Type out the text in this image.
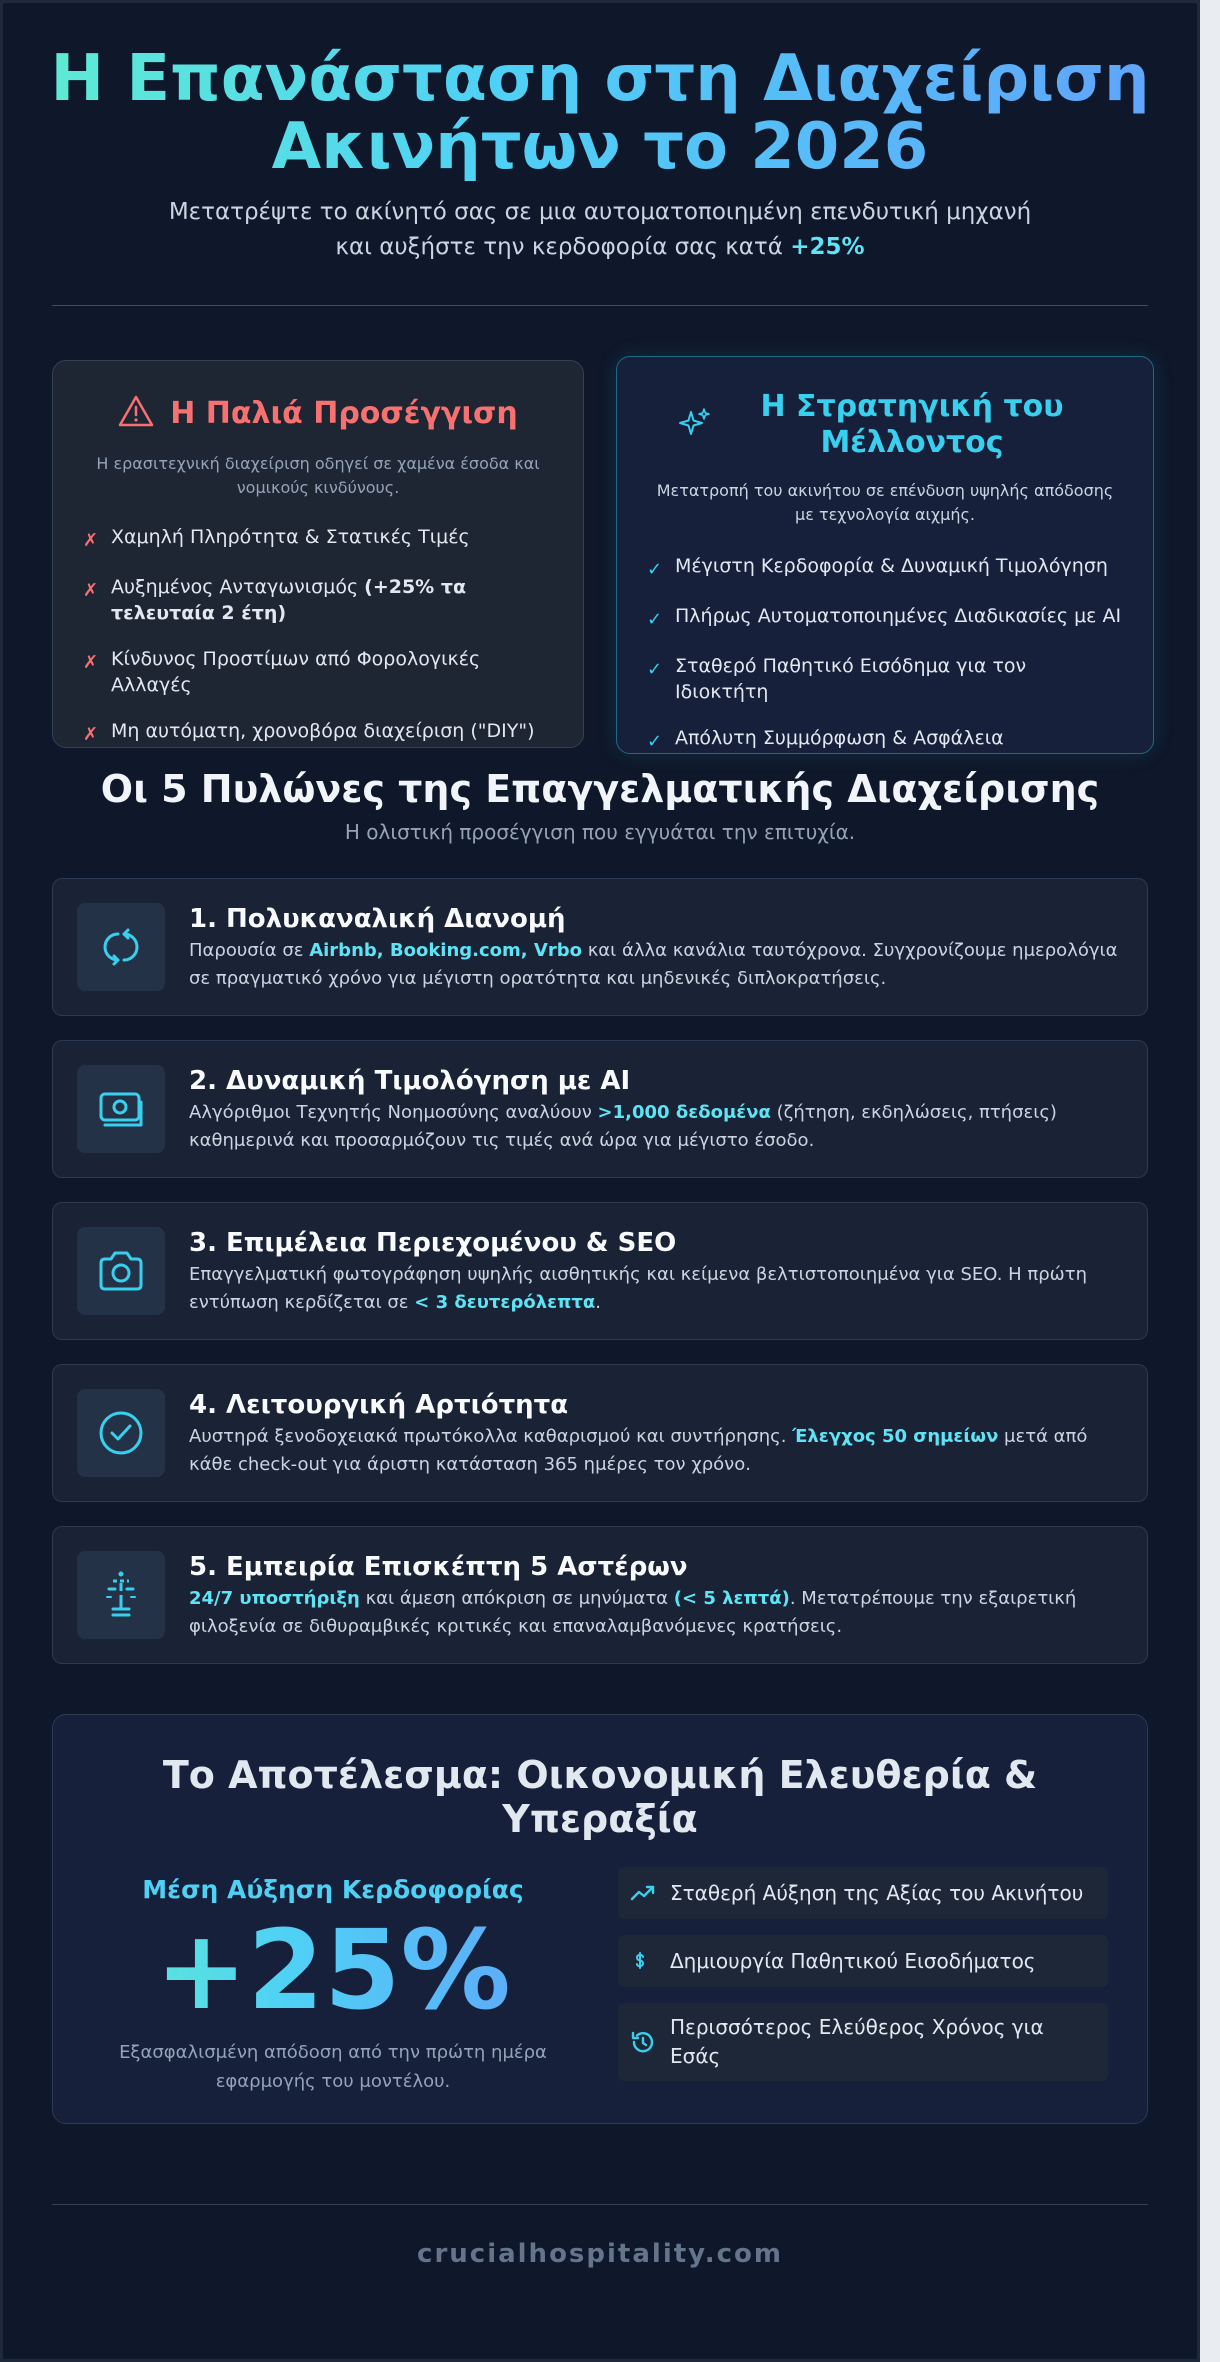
Η Επανάσταση στη Διαχείριση Ακινήτων το 2026

Μετατρέψτε το ακίνητό σας σε μια αυτοματοποιημένη επενδυτική μηχανή και αυξήστε την κερδοφορία σας κατά +25%

Η Παλιά Προσέγγιση

Η ερασιτεχνική διαχείριση οδηγεί σε χαμένα έσοδα και νομικούς κινδύνους.

✗ Χαμηλή Πληρότητα & Στατικές Τιμές
✗ Αυξημένος Ανταγωνισμός (+25% τα τελευταία 2 έτη)
✗ Κίνδυνος Προστίμων από Φορολογικές Αλλαγές
✗ Μη αυτόματη, χρονοβόρα διαχείριση ("DIY")
Η Στρατηγική του Μέλλοντος

Μετατροπή του ακινήτου σε επένδυση υψηλής απόδοσης με τεχνολογία αιχμής.

✓ Μέγιστη Κερδοφορία & Δυναμική Τιμολόγηση
✓ Πλήρως Αυτοματοποιημένες Διαδικασίες με AI
✓ Σταθερό Παθητικό Εισόδημα για τον Ιδιοκτήτη
✓ Απόλυτη Συμμόρφωση & Ασφάλεια
Οι 5 Πυλώνες της Επαγγελματικής Διαχείρισης

Η ολιστική προσέγγιση που εγγυάται την επιτυχία.

1. Πολυκαναλική Διανομή

Παρουσία σε Airbnb, Booking.com, Vrbo και άλλα κανάλια ταυτόχρονα. Συγχρονίζουμε ημερολόγια σε πραγματικό χρόνο για μέγιστη ορατότητα και μηδενικές διπλοκρατήσεις.

2. Δυναμική Τιμολόγηση με AI

Αλγόριθμοι Τεχνητής Νοημοσύνης αναλύουν >1,000 δεδομένα (ζήτηση, εκδηλώσεις, πτήσεις) καθημερινά και προσαρμόζουν τις τιμές ανά ώρα για μέγιστο έσοδο.

3. Επιμέλεια Περιεχομένου & SEO

Επαγγελματική φωτογράφηση υψηλής αισθητικής και κείμενα βελτιστοποιημένα για SEO. Η πρώτη εντύπωση κερδίζεται σε < 3 δευτερόλεπτα.

4. Λειτουργική Αρτιότητα

Αυστηρά ξενοδοχειακά πρωτόκολλα καθαρισμού και συντήρησης. Έλεγχος 50 σημείων μετά από κάθε check-out για άριστη κατάσταση 365 ημέρες τον χρόνο.

5. Εμπειρία Επισκέπτη 5 Αστέρων

24/7 υποστήριξη και άμεση απόκριση σε μηνύματα (< 5 λεπτά). Μετατρέπουμε την εξαιρετική φιλοξενία σε διθυραμβικές κριτικές και επαναλαμβανόμενες κρατήσεις.

Το Αποτέλεσμα: Οικονομική Ελευθερία & Υπεραξία
Μέση Αύξηση Κερδοφορίας
+25%

Εξασφαλισμένη απόδοση από την πρώτη ημέρα εφαρμογής του μοντέλου.

Σταθερή Αύξηση της Αξίας του Ακινήτου
Δημιουργία Παθητικού Εισοδήματος
Περισσότερος Ελεύθερος Χρόνος για Εσάς
crucialhospitality.com
